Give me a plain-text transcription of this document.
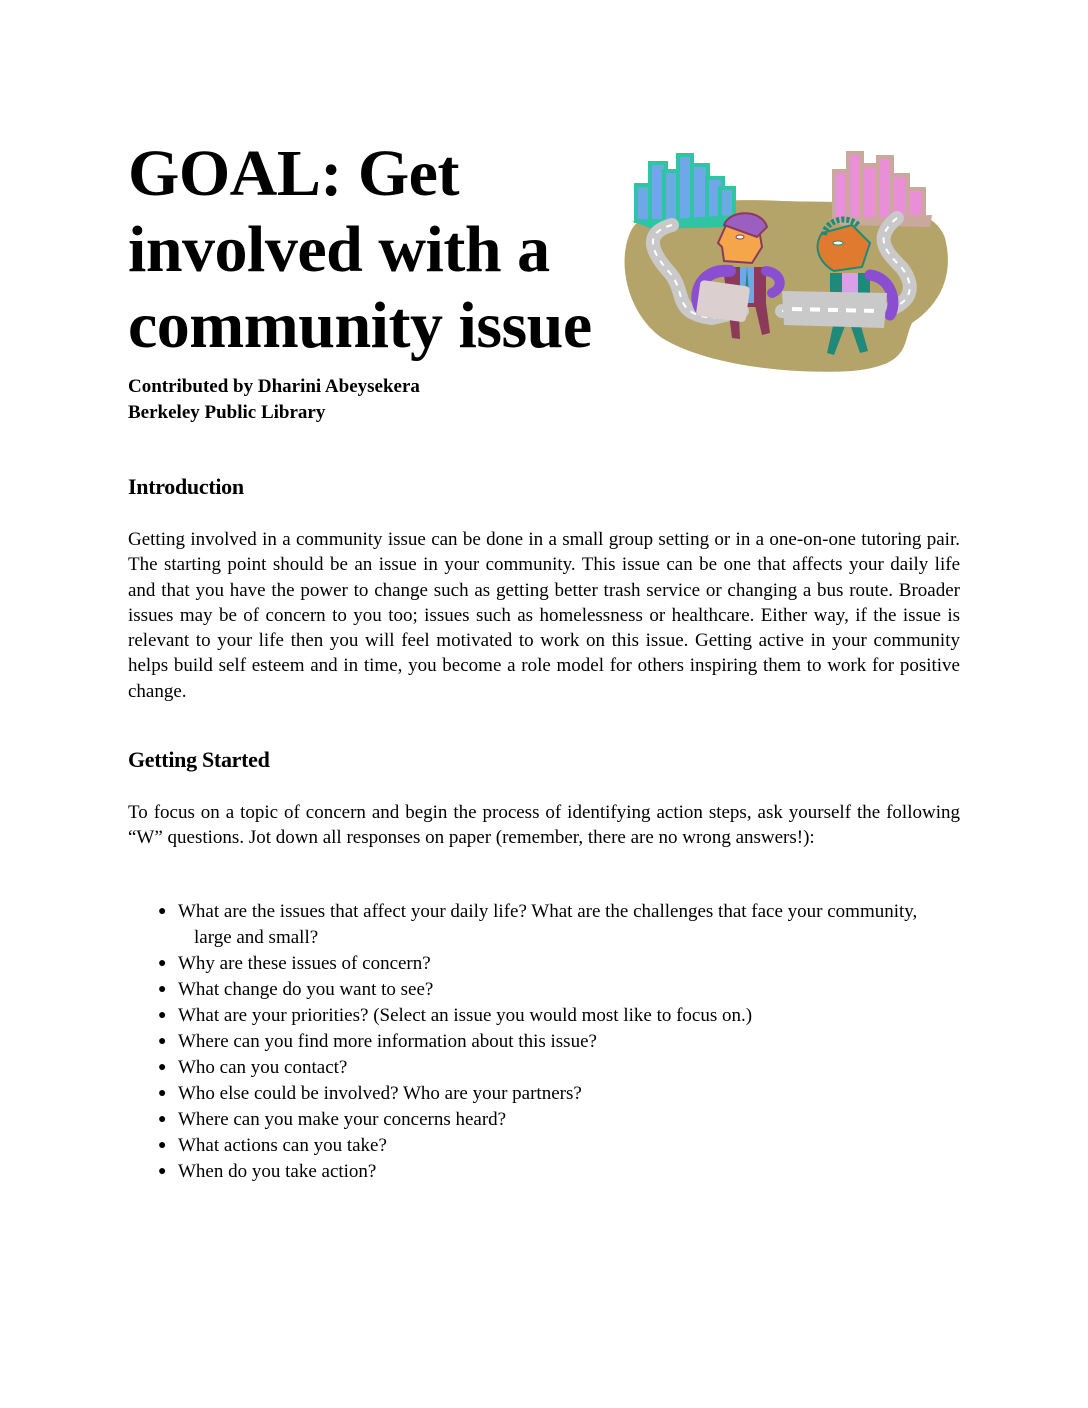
GOAL: Get
involved with a
community issue
Contributed by Dharini Abeysekera
Berkeley Public Library
Introduction

Getting involved in a community issue can be done in a small group setting or in a one-on-one tutoring pair. The starting point should be an issue in your community. This issue can be one that affects your daily life and that you have the power to change such as getting better trash service or changing a bus route. Broader issues may be of concern to you too; issues such as homelessness or healthcare. Either way, if the issue is relevant to your life then you will feel motivated to work on this issue. Getting active in your community helps build self esteem and in time, you become a role model for others inspiring them to work for positive change.

Getting Started

To focus on a topic of concern and begin the process of identifying action steps, ask yourself the following “W” questions. Jot down all responses on paper (remember, there are no wrong answers!):

● What are the issues that affect your daily life? What are the challenges that face your community, large and small?
● Why are these issues of concern?
● What change do you want to see?
● What are your priorities? (Select an issue you would most like to focus on.)
● Where can you find more information about this issue?
● Who can you contact?
● Who else could be involved? Who are your partners?
● Where can you make your concerns heard?
● What actions can you take?
● When do you take action?
